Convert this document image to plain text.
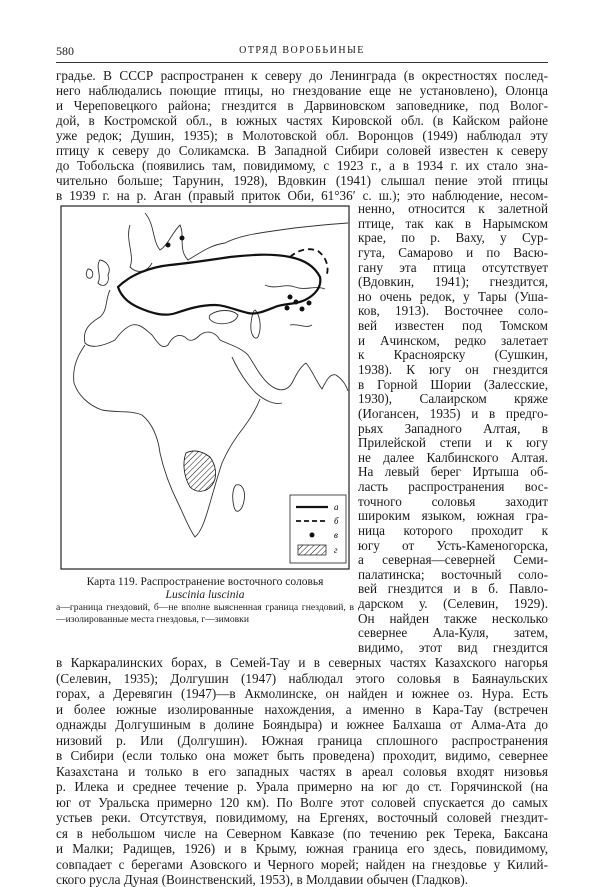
580	ОТРЯД ВОРОБЬИНЫЕ

градье. В СССР распространен к северу до Ленинграда (в окрестностях послед-

него наблюдались поющие птицы, но гнездование еще не установлено), Олонца

и Череповецкого района; гнездится в Дарвиновском заповеднике, под Волог-

дой, в Костромской обл., в южных частях Кировской обл. (в Кайском районе

уже редок; Душин, 1935); в Молотовской обл. Воронцов (1949) наблюдал эту

птицу к северу до Соликамска. В Западной Сибири соловей известен к северу

до Тобольска (появились там, повидимому, с 1923 г., а в 1934 г. их стало зна-

чительно больше; Тарунин, 1928), Вдовкин (1941) слышал пение этой птицы

в 1939 г. на р. Аган (правый приток Оби, 61°36′ с. ш.); это наблюдение, несом-

ненно, относится к залетной

птице, так как в Нарымском

крае, по р. Ваху, у Сур-

гута, Самарово и по Васю-

гану эта птица отсутствует

(Вдовкин, 1941); гнездится,

но очень редок, у Тары (Ушa-

ков, 1913). Восточнее соло-

вей известен под Томском

и Ачинском, редко залетает

к Красноярску (Сушкин,

1938). К югу он гнездится

в Горной Шории (Залесские,

1930), Салаирском кряже

(Иогансен, 1935) и в предго-

рьях Западного Алтая, в

Прилейской степи и к югу

не далее Калбинского Алтая.

На левый берег Иртыша об-

ласть распространения вос-

точного соловья заходит

широким языком, южная гра-

ница которого проходит к

югу от Усть-Каменогорска,

а северная—северней Семи-

палатинска; восточный соло-

вей гнездится и в б. Павло-

дарском у. (Селевин, 1929).

Он найден также несколько

севернее Ала-Куля, затем,

видимо, этот вид гнездится

а
б
в
г
Карта 119. Распространение восточного соловья
Luscinia luscinia
а—граница гнездовий, б—не вполне выясненная граница гнездовий, в—изолированные места гнездовья, г—зимовки

в Каркаралинских борах, в Семей-Тау и в северных частях Казахского нагорья

(Селевин, 1935); Долгушин (1947) наблюдал этого соловья в Баянаульских

горах, а Деревягин (1947)—в Акмолинске, он найден и южнее оз. Нура. Есть

и более южные изолированные нахождения, а именно в Кара-Тау (встречен

однажды Долгушиным в долине Бояндыра) и южнее Балхаша от Алма-Ата до

низовий р. Или (Долгушин). Южная граница сплошного распространения

в Сибири (если только она может быть проведена) проходит, видимо, севернее

Казахстана и только в его западных частях в ареал соловья входят низовья

р. Илека и среднее течение р. Урала примерно на юг до ст. Горячинской (на

юг от Уральска примерно 120 км). По Волге этот соловей спускается до самых

устьев реки. Отсутствуя, повидимому, на Ергенях, восточный соловей гнездит-

ся в небольшом числе на Северном Кавказе (по течению рек Терека, Баксана

и Малки; Радищев, 1926) и в Крыму, южная граница его здесь, повидимому,

совпадает с берегами Азовского и Черного морей; найден на гнездовье у Килий-

ского русла Дуная (Воинственский, 1953), в Молдавии обычен (Гладков).
